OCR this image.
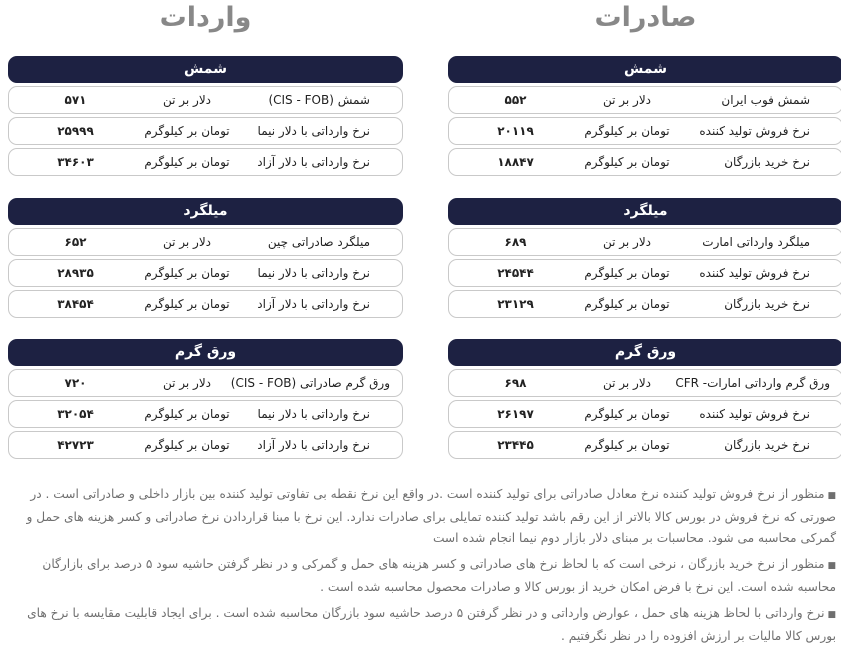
صادرات
شمش
شمش فوب ایران
دلار بر تن
۵۵۲
نرخ فروش تولید کننده
تومان بر کیلوگرم
۲۰۱۱۹
نرخ خرید بازرگان
تومان بر کیلوگرم
۱۸۸۴۷
میلگرد
میلگرد وارداتی امارت
دلار بر تن
۶۸۹
نرخ فروش تولید کننده
تومان بر کیلوگرم
۲۴۵۴۴
نرخ خرید بازرگان
تومان بر کیلوگرم
۲۳۱۲۹
ورق گرم
ورق گرم وارداتی امارات- CFR
دلار بر تن
۶۹۸
نرخ فروش تولید کننده
تومان بر کیلوگرم
۲۶۱۹۷
نرخ خرید بازرگان
تومان بر کیلوگرم
۲۳۴۴۵
واردات
شمش
شمش (CIS - FOB)
دلار بر تن
۵۷۱
نرخ وارداتی با دلار نیما
تومان بر کیلوگرم
۲۵۹۹۹
نرخ وارداتی با دلار آزاد
تومان بر کیلوگرم
۳۴۶۰۳
میلگرد
میلگرد صادراتی چین
دلار بر تن
۶۵۲
نرخ وارداتی با دلار نیما
تومان بر کیلوگرم
۲۸۹۳۵
نرخ وارداتی با دلار آزاد
تومان بر کیلوگرم
۳۸۴۵۴
ورق گرم
ورق گرم صادراتی (CIS - FOB)
دلار بر تن
۷۲۰
نرخ وارداتی با دلار نیما
تومان بر کیلوگرم
۳۲۰۵۴
نرخ وارداتی با دلار آزاد
تومان بر کیلوگرم
۴۲۷۲۳

■منظور از نرخ فروش تولید کننده نرخ معادل صادراتی برای تولید کننده است .در واقع این نرخ نقطه بی تفاوتی تولید کننده بین بازار داخلی و صادراتی است . در صورتی که نرخ فروش در بورس کالا بالاتر از این رقم باشد تولید کننده تمایلی برای صادرات ندارد. این نرخ با مبنا قراردادن نرخ صادراتی و کسر هزینه های حمل و گمرکی محاسبه می شود. محاسبات بر مبنای دلار بازار دوم نیما انجام شده است

■منظور از نرخ خرید بازرگان ، نرخی است که با لحاظ نرخ های صادراتی و کسر هزینه های حمل و گمرکی و در نظر گرفتن حاشیه سود ۵ درصد برای بازارگان محاسبه شده است. این نرخ با فرض امکان خرید از بورس کالا و صادرات محصول محاسبه شده است .

■نرخ وارداتی با لحاظ هزینه های حمل ، عوارض وارداتی و در نظر گرفتن ۵ درصد حاشیه سود بازرگان محاسبه شده است . برای ایجاد قابلیت مقایسه با نرخ های بورس کالا مالیات بر ارزش افزوده را در نظر نگرفتیم .
